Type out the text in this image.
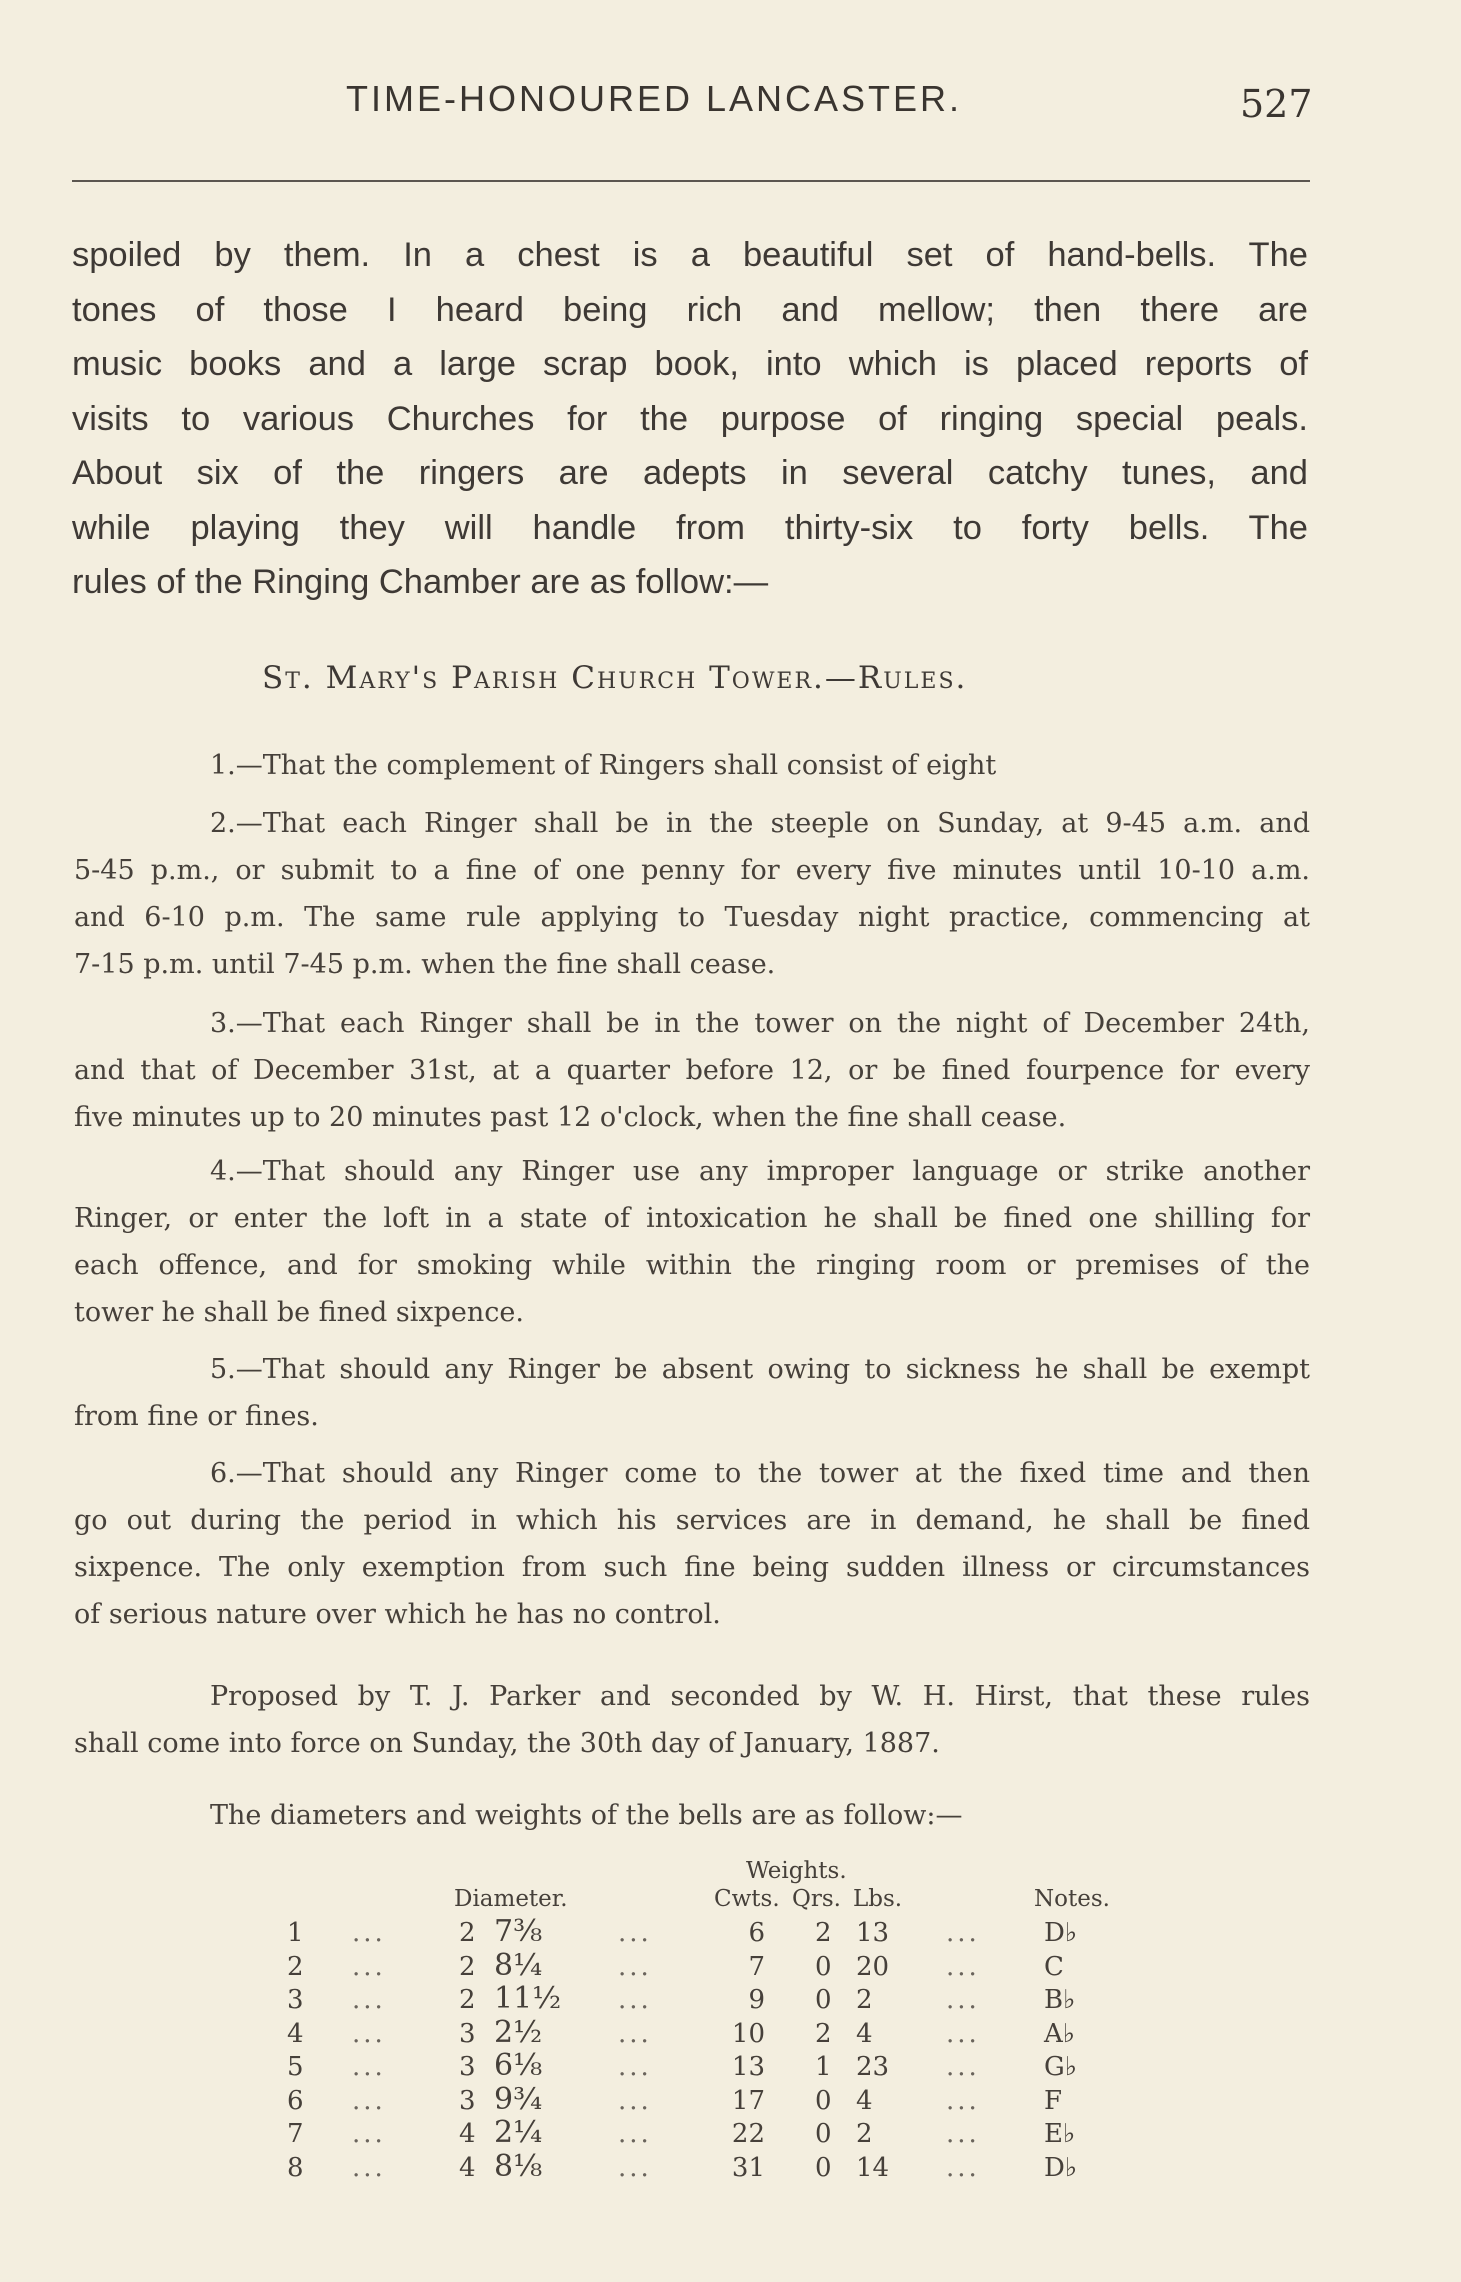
TIME-HONOURED LANCASTER.	527
spoiled by them. In a chest is a beautiful set of hand-bells. The
tones of those I heard being rich and mellow; then there are
music books and a large scrap book, into which is placed reports of
visits to various Churches for the purpose of ringing special peals.
About six of the ringers are adepts in several catchy tunes, and
while playing they will handle from thirty-six to forty bells. The
rules of the Ringing Chamber are as follow:—
St. Mary's Parish Church Tower.—Rules.
1.—That the complement of Ringers shall consist of eight
2.—That each Ringer shall be in the steeple on Sunday, at 9-45 a.m. and
5-45 p.m., or submit to a fine of one penny for every five minutes until 10-10 a.m.
and 6-10 p.m. The same rule applying to Tuesday night practice, commencing at
7-15 p.m. until 7-45 p.m. when the fine shall cease.
3.—That each Ringer shall be in the tower on the night of December 24th,
and that of December 31st, at a quarter before 12, or be fined fourpence for every
five minutes up to 20 minutes past 12 o'clock, when the fine shall cease.
4.—That should any Ringer use any improper language or strike another
Ringer, or enter the loft in a state of intoxication he shall be fined one shilling for
each offence, and for smoking while within the ringing room or premises of the
tower he shall be fined sixpence.
5.—That should any Ringer be absent owing to sickness he shall be exempt
from fine or fines.
6.—That should any Ringer come to the tower at the fixed time and then
go out during the period in which his services are in demand, he shall be fined
sixpence. The only exemption from such fine being sudden illness or circumstances
of serious nature over which he has no control.
Proposed by T. J. Parker and seconded by W. H. Hirst, that these rules
shall come into force on Sunday, the 30th day of January, 1887.
The diameters and weights of the bells are as follow:—
Weights.
Diameter.	Cwts. Qrs. Lbs.	Notes.
1 ...	2 7⅜	...	6 2 13 ... D♭
2 ...	2 8¼	...	7 0 20 ... C
3 ...	2 11½ ...	9 0 2	... B♭
4 ...	3 2½	...	10 2 4	... A♭
5 ...	3 6⅛	...	13 1 23 ... G♭
6 ...	3 9¾	...	17 0 4	... F
7 ...	4 2¼	...	22 0 2	... E♭
8 ...	4 8⅛	...	31 0 14 ... D♭
